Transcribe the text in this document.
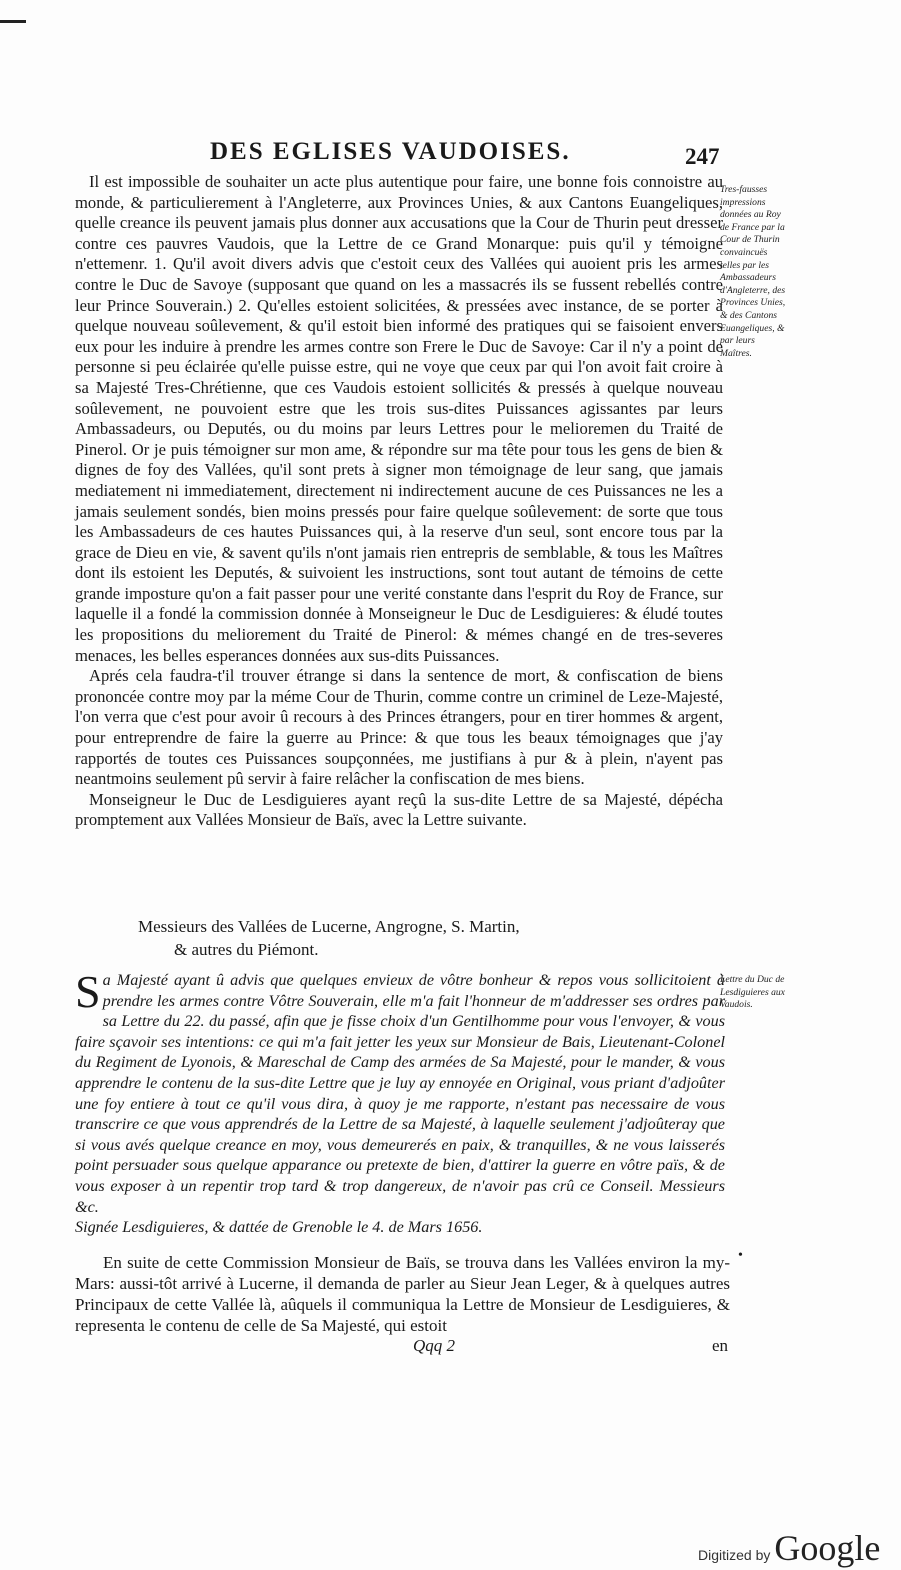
DES EGLISES VAUDOISES.	247

Il est impossible de souhaiter un acte plus autentique pour faire, une bonne fois connoistre au monde, & particulierement à l'Angleterre, aux Provinces Unies, & aux Cantons Euangeliques, quelle creance ils peuvent jamais plus donner aux accusations que la Cour de Thurin peut dresser contre ces pauvres Vaudois, que la Lettre de ce Grand Monarque: puis qu'il y témoigne n'ettemenr. 1. Qu'il avoit divers advis que c'estoit ceux des Vallées qui auoient pris les armes contre le Duc de Savoye (supposant que quand on les a massacrés ils se fussent rebellés contre leur Prince Souverain.) 2. Qu'elles estoient solicitées, & pressées avec instance, de se porter à quelque nouveau soûlevement, & qu'il estoit bien informé des pratiques qui se faisoient envers eux pour les induire à prendre les armes contre son Frere le Duc de Savoye: Car il n'y a point de personne si peu éclairée qu'elle puisse estre, qui ne voye que ceux par qui l'on avoit fait croire à sa Majesté Tres-Chrétienne, que ces Vaudois estoient sollicités & pressés à quelque nouveau soûlevement, ne pouvoient estre que les trois sus-dites Puissances agissantes par leurs Ambassadeurs, ou Deputés, ou du moins par leurs Lettres pour le melioremen du Traité de Pinerol. Or je puis témoigner sur mon ame, & répondre sur ma tête pour tous les gens de bien & dignes de foy des Vallées, qu'il sont prets à signer mon témoignage de leur sang, que jamais mediatement ni immediatement, directement ni indirectement aucune de ces Puissances ne les a jamais seulement sondés, bien moins pressés pour faire quelque soûlevement: de sorte que tous les Ambassadeurs de ces hautes Puissances qui, à la reserve d'un seul, sont encore tous par la grace de Dieu en vie, & savent qu'ils n'ont jamais rien entrepris de semblable, & tous les Maîtres dont ils estoient les Deputés, & suivoient les instructions, sont tout autant de témoins de cette grande imposture qu'on a fait passer pour une verité constante dans l'esprit du Roy de France, sur laquelle il a fondé la commission donnée à Monseigneur le Duc de Lesdiguieres: & éludé toutes les propositions du meliorement du Traité de Pinerol: & mémes changé en de tres-severes menaces, les belles esperances données aux sus-dits Puissances.

Aprés cela faudra-t'il trouver étrange si dans la sentence de mort, & confiscation de biens prononcée contre moy par la méme Cour de Thurin, comme contre un criminel de Leze-Majesté, l'on verra que c'est pour avoir û recours à des Princes étrangers, pour en tirer hommes & argent, pour entreprendre de faire la guerre au Prince: & que tous les beaux témoignages que j'ay rapportés de toutes ces Puissances soupçonnées, me justifians à pur & à plein, n'ayent pas neantmoins seulement pû servir à faire relâcher la confiscation de mes biens.

Monseigneur le Duc de Lesdiguieres ayant reçû la sus-dite Lettre de sa Majesté, dépécha promptement aux Vallées Monsieur de Baïs, avec la Lettre suivante.

Messieurs des Vallées de Lucerne, Angrogne, S. Martin,
& autres du Piémont.
Sa Majesté ayant û advis que quelques envieux de vôtre bonheur & repos vous sollicitoient à prendre les armes contre Vôtre Souverain, elle m'a fait l'honneur de m'addresser ses ordres par sa Lettre du 22. du passé, afin que je fisse choix d'un Gentilhomme pour vous l'envoyer, & vous faire sçavoir ses intentions: ce qui m'a fait jetter les yeux sur Monsieur de Bais, Lieutenant-Colonel du Regiment de Lyonois, & Mareschal de Camp des armées de Sa Majesté, pour le mander, & vous apprendre le contenu de la sus-dite Lettre que je luy ay ennoyée en Original, vous priant d'adjoûter une foy entiere à tout ce qu'il vous dira, à quoy je me rapporte, n'estant pas necessaire de vous transcrire ce que vous apprendrés de la Lettre de sa Majesté, à laquelle seulement j'adjoûteray que si vous avés quelque creance en moy, vous demeurerés en paix, & tranquilles, & ne vous laisserés point persuader sous quelque apparance ou pretexte de bien, d'attirer la guerre en vôtre païs, & de vous exposer à un repentir trop tard & trop dangereux, de n'avoir pas crû ce Conseil. Messieurs &c.
Signée Lesdiguieres, & dattée de Grenoble le 4. de Mars 1656.
•

En suite de cette Commission Monsieur de Baïs, se trouva dans les Vallées environ la my-Mars: aussi-tôt arrivé à Lucerne, il demanda de parler au Sieur Jean Leger, & à quelques autres Principaux de cette Vallée là, aûquels il communiqua la Lettre de Monsieur de Lesdiguieres, & representa le contenu de celle de Sa Majesté, qui estoit

Tres-fausses impressions données au Roy de France par la Cour de Thurin convaincuës telles par les Ambassadeurs d'Angleterre, des Provinces Unies, & des Cantons Euangeliques, & par leurs Maîtres.
Lettre du Duc de Lesdiguieres aux Vaudois.
Qqq 2	en
Digitized by Google
